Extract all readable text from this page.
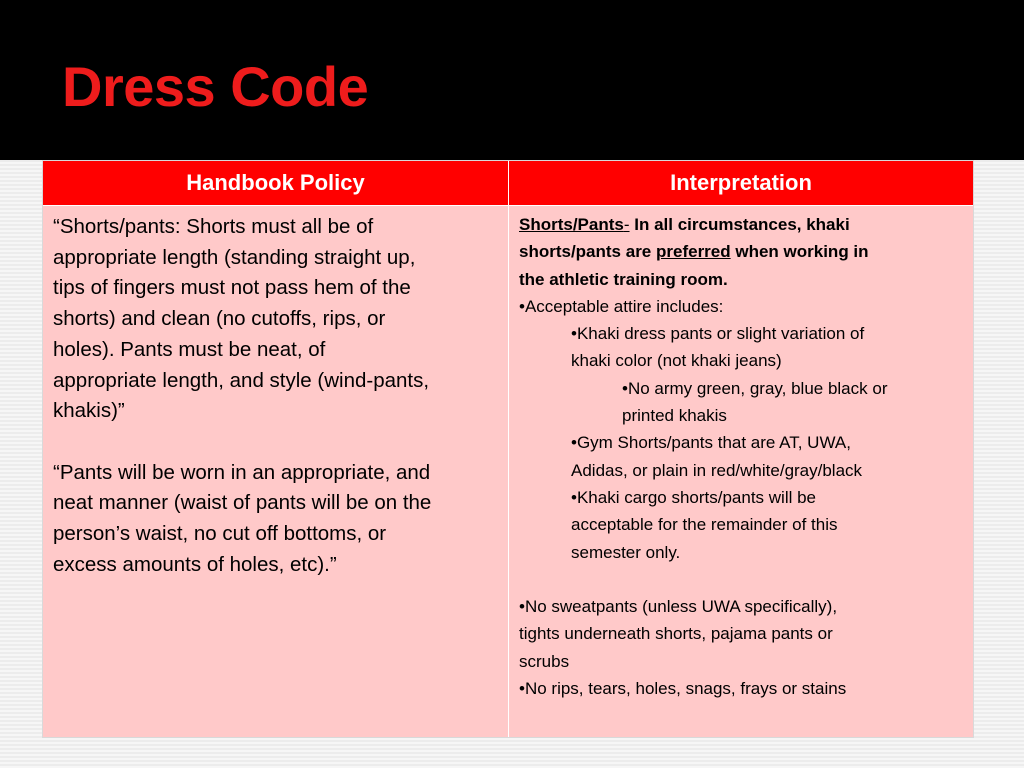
Dress Code
Handbook Policy	Interpretation

“Shorts/pants: Shorts must all be of
appropriate length (standing straight up,
tips of fingers must not pass hem of the
shorts) and clean (no cutoffs, rips, or
holes). Pants must be neat, of
appropriate length, and style (wind-pants,
khakis)”

“Pants will be worn in an appropriate, and
neat manner (waist of pants will be on the
person’s waist, no cut off bottoms, or
excess amounts of holes, etc).”

Shorts/Pants- In all circumstances, khaki
shorts/pants are preferred when working in
the athletic training room.
•Acceptable attire includes:
•Khaki dress pants or slight variation of
khaki color (not khaki jeans)
•No army green, gray, blue black or
printed khakis
•Gym Shorts/pants that are AT, UWA,
Adidas, or plain in red/white/gray/black
•Khaki cargo shorts/pants will be
acceptable for the remainder of this
semester only.
•No sweatpants (unless UWA specifically),
tights underneath shorts, pajama pants or
scrubs
•No rips, tears, holes, snags, frays or stains
